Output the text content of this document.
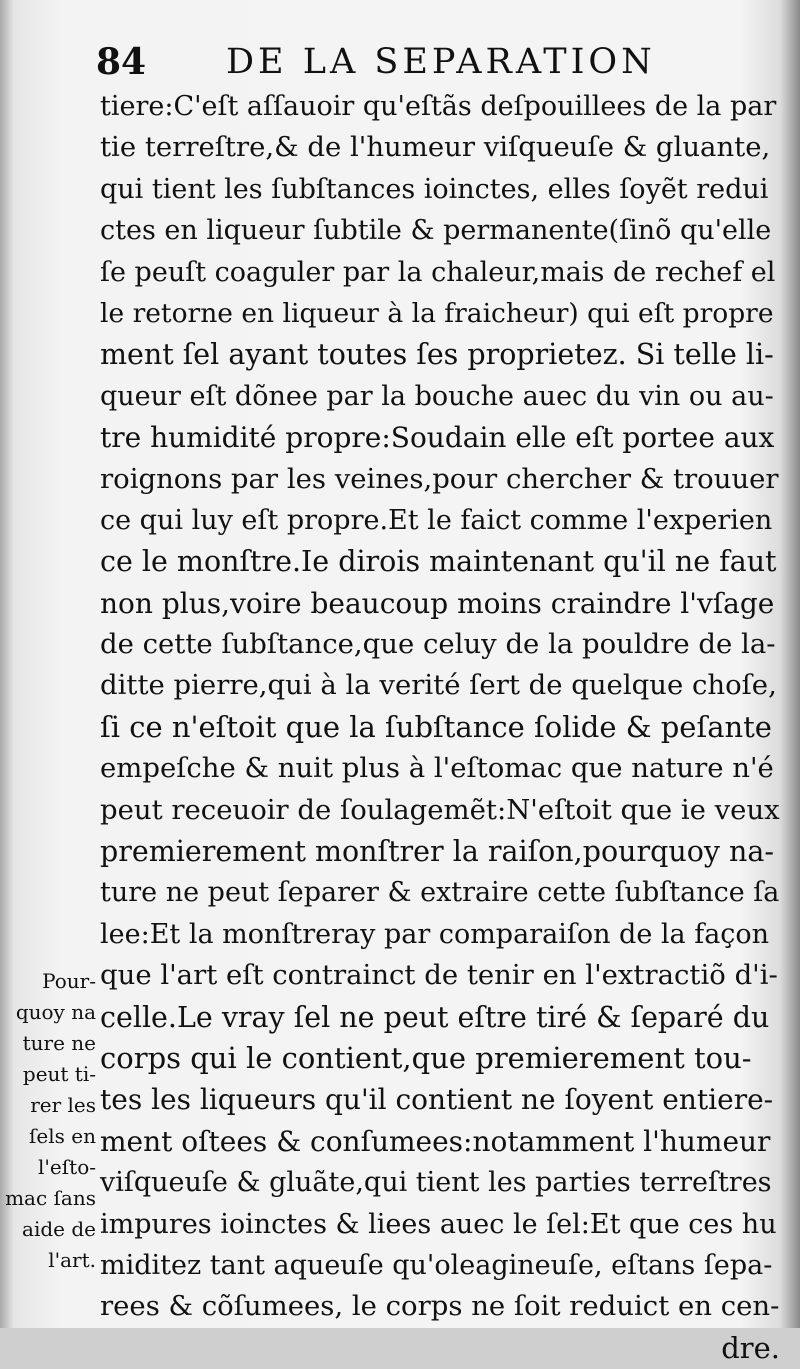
84 DE LA SEPARATION
tiere:C'eſt aſſauoir qu'eſtãs deſpouillees de la par
tie terreſtre,& de l'humeur viſqueuſe & gluante,
qui tient les ſubſtances ioinctes, elles ſoyẽt redui
ctes en liqueur ſubtile & permanente(ſinõ qu'elle
ſe peuſt coaguler par la chaleur,mais de rechef el
le retorne en liqueur à la fraicheur) qui eſt propre
ment ſel ayant toutes ſes proprietez. Si telle li-
queur eſt dõnee par la bouche auec du vin ou au-
tre humidité propre:Soudain elle eſt portee aux
roignons par les veines,pour chercher & trouuer
ce qui luy eſt propre.Et le faict comme l'experien
ce le monſtre.Ie dirois maintenant qu'il ne faut
non plus,voire beaucoup moins craindre l'vſage
de cette ſubſtance,que celuy de la pouldre de la-
ditte pierre,qui à la verité ſert de quelque choſe,
ſi ce n'eſtoit que la ſubſtance ſolide & peſante
empeſche & nuit plus à l'eſtomac que nature n'é
peut receuoir de ſoulagemẽt:N'eſtoit que ie veux
premierement monſtrer la raiſon,pourquoy na-
ture ne peut ſeparer & extraire cette ſubſtance ſa
lee:Et la monſtreray par comparaiſon de la façon
que l'art eſt contrainct de tenir en l'extractiõ d'i-
celle.Le vray ſel ne peut eſtre tiré & ſeparé du
corps qui le contient,que premierement tou-
tes les liqueurs qu'il contient ne ſoyent entiere-
ment oſtees & conſumees:notamment l'humeur
viſqueuſe & gluãte,qui tient les parties terreſtres
impures ioinctes & liees auec le ſel:Et que ces hu
miditez tant aqueuſe qu'oleagineuſe, eſtans ſepa-
rees & cõſumees, le corps ne ſoit reduict en cen-
dre.
Pour-
quoy na
ture ne
peut ti-
rer les
ſels en
l'eſto-
mac ſans
aide de
l'art.
